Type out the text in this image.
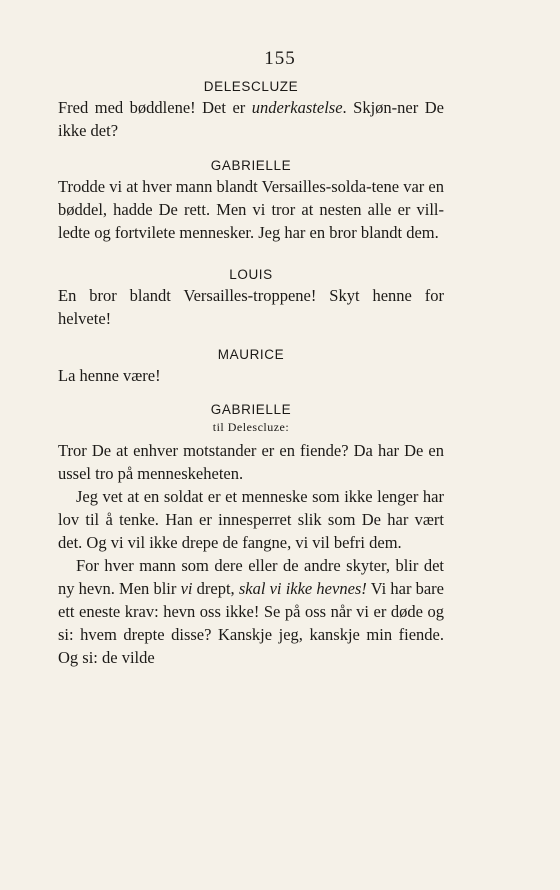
155
DELESCLUZE

Fred med bøddlene! Det er underkastelse. Skjøn-ner De ikke det?

GABRIELLE

Trodde vi at hver mann blandt Versailles-solda-tene var en bøddel, hadde De rett. Men vi tror at nesten alle er vill-ledte og fortvilete mennesker. Jeg har en bror blandt dem.

LOUIS

En bror blandt Versailles-troppene! Skyt henne for helvete!

MAURICE

La henne være!

GABRIELLE
til Delescluze:

Tror De at enhver motstander er en fiende? Da har De en ussel tro på menneskeheten.

Jeg vet at en soldat er et menneske som ikke lenger har lov til å tenke. Han er innesperret slik som De har vært det. Og vi vil ikke drepe de fangne, vi vil befri dem.

For hver mann som dere eller de andre skyter, blir det ny hevn. Men blir vi drept, skal vi ikke hevnes! Vi har bare ett eneste krav: hevn oss ikke! Se på oss når vi er døde og si: hvem drepte disse? Kanskje jeg, kanskje min fiende. Og si: de vilde
